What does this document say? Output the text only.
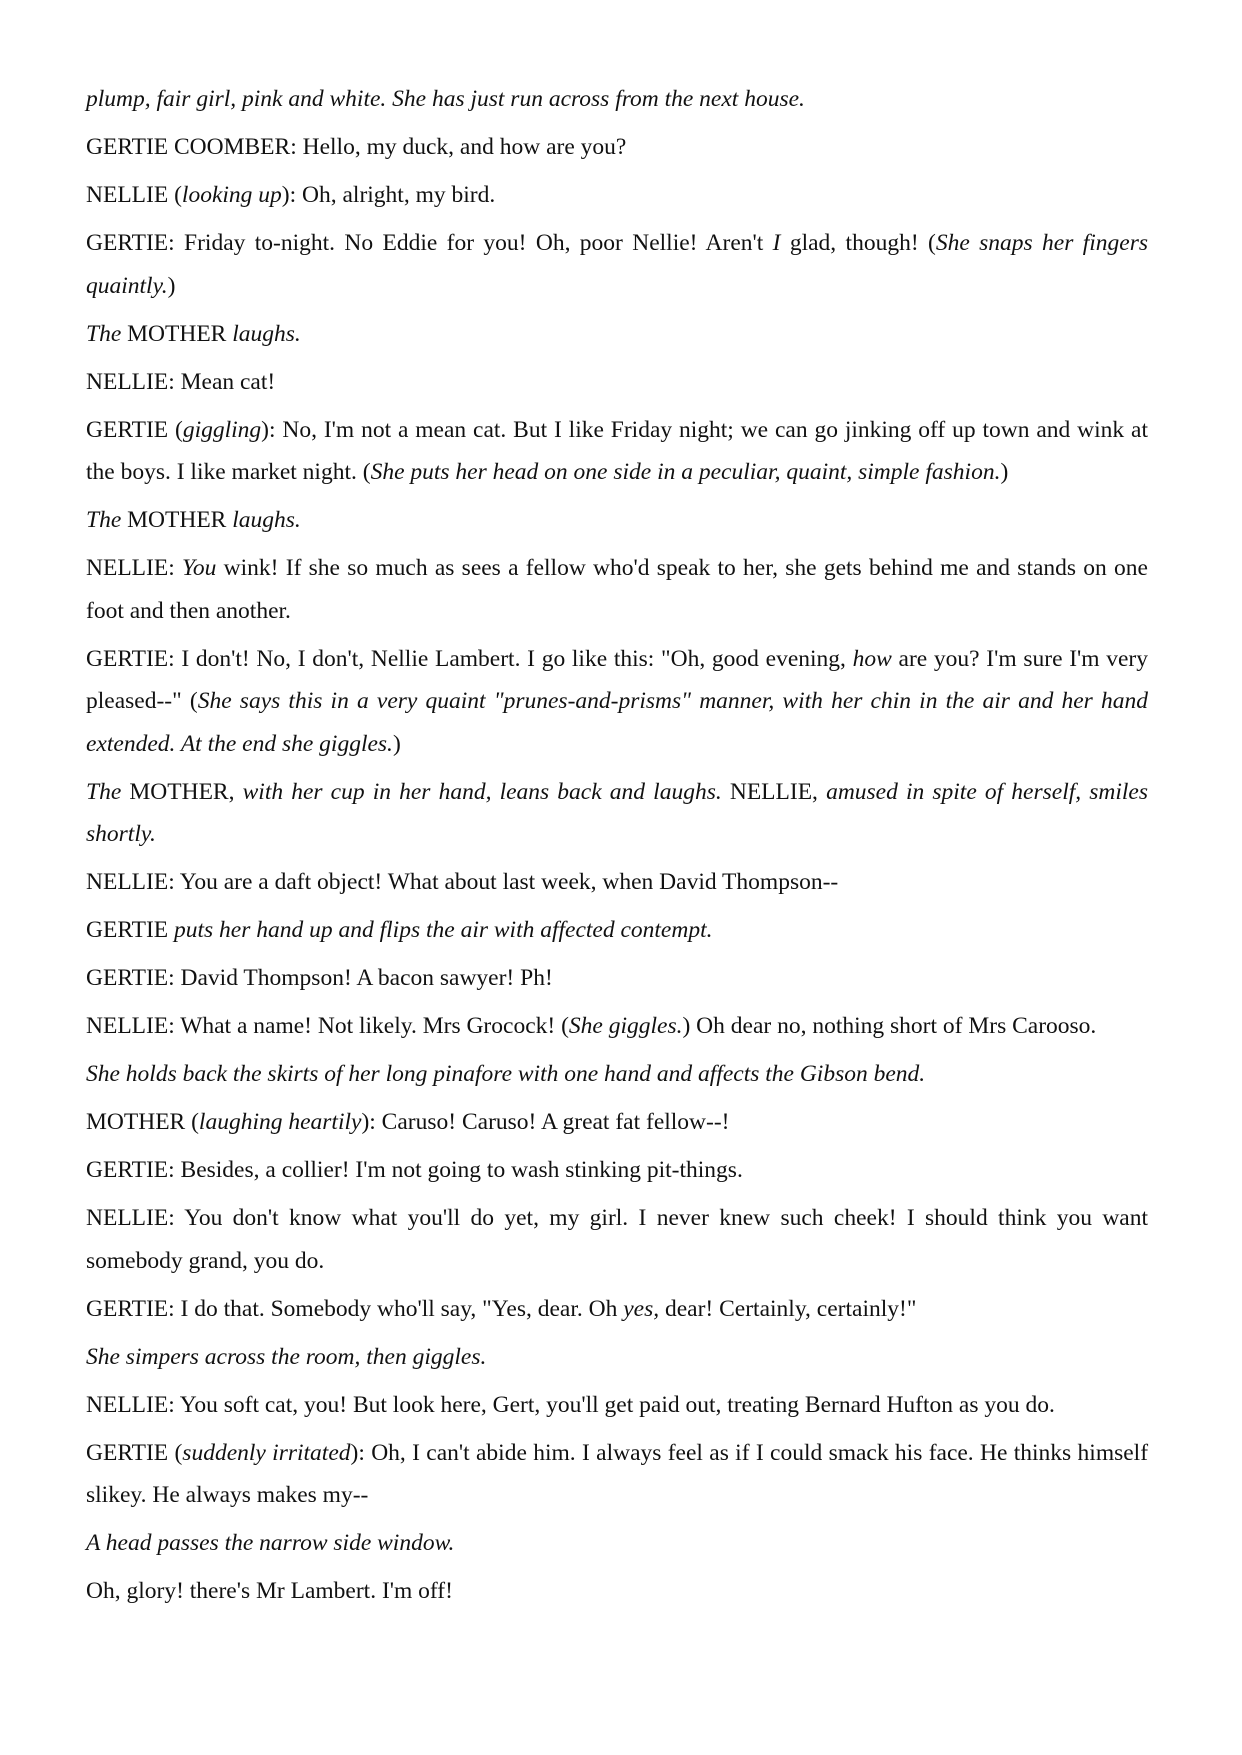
plump, fair girl, pink and white. She has just run across from the next house.

GERTIE COOMBER: Hello, my duck, and how are you?

NELLIE (looking up): Oh, alright, my bird.

GERTIE: Friday to-night. No Eddie for you! Oh, poor Nellie! Aren't I glad, though! (She snaps her fingers quaintly.)

The MOTHER laughs.

NELLIE: Mean cat!

GERTIE (giggling): No, I'm not a mean cat. But I like Friday night; we can go jinking off up town and wink at the boys. I like market night. (She puts her head on one side in a peculiar, quaint, simple fashion.)

The MOTHER laughs.

NELLIE: You wink! If she so much as sees a fellow who'd speak to her, she gets behind me and stands on one foot and then another.

GERTIE: I don't! No, I don't, Nellie Lambert. I go like this: "Oh, good evening, how are you? I'm sure I'm very pleased--" (She says this in a very quaint "prunes-and-prisms" manner, with her chin in the air and her hand extended. At the end she giggles.)

The MOTHER, with her cup in her hand, leans back and laughs. NELLIE, amused in spite of herself, smiles shortly.

NELLIE: You are a daft object! What about last week, when David Thompson--

GERTIE puts her hand up and flips the air with affected contempt.

GERTIE: David Thompson! A bacon sawyer! Ph!

NELLIE: What a name! Not likely. Mrs Grocock! (She giggles.) Oh dear no, nothing short of Mrs Carooso.

She holds back the skirts of her long pinafore with one hand and affects the Gibson bend.

MOTHER (laughing heartily): Caruso! Caruso! A great fat fellow--!

GERTIE: Besides, a collier! I'm not going to wash stinking pit-things.

NELLIE: You don't know what you'll do yet, my girl. I never knew such cheek! I should think you want somebody grand, you do.

GERTIE: I do that. Somebody who'll say, "Yes, dear. Oh yes, dear! Certainly, certainly!"

She simpers across the room, then giggles.

NELLIE: You soft cat, you! But look here, Gert, you'll get paid out, treating Bernard Hufton as you do.

GERTIE (suddenly irritated): Oh, I can't abide him. I always feel as if I could smack his face. He thinks himself slikey. He always makes my--

A head passes the narrow side window.

Oh, glory! there's Mr Lambert. I'm off!
